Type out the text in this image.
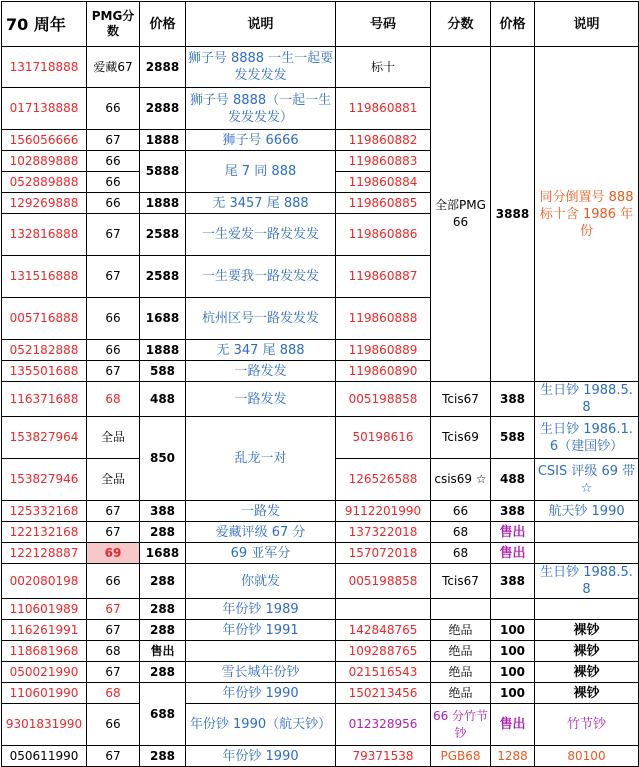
70 周年	PMG分数	价格	说明	号码	分数	价格	说明
131718888	爱藏67	2888	狮子号 8888 一生一起要发发发发	标十	全部PMG66	3888	同分倒置号 888 标十含 1986 年份
017138888	66	2888	狮子号 8888（一起一生发发发发）	119860881			
156056666	67	1888	狮子号 6666	119860882			
102889888	66	5888	尾 7 同 888	119860883			
052889888	66			119860884			
129269888	66	1888	无 3457 尾 888	119860885			
132816888	67	2588	一生爱发一路发发发	119860886			
131516888	67	2588	一生要我一路发发发	119860887			
005716888	66	1688	杭州区号一路发发发	119860888			
052182888	66	1888	无 347 尾 888	119860889			
135501688	67	588	一路发发	119860890			
116371688	68	488	一路发发	005198858	Tcis67	388	生日钞 1988.5.8
153827964	全品	850	乱龙一对	50198616	Tcis69	588	生日钞 1986.1.6（建国钞）
153827946	全品			126526588	csis69 ☆	488	CSIS 评级 69 带☆
125332168	67	388	一路发	9112201990	66	388	航天钞 1990
122132168	67	288	爱藏评级 67 分	137322018	68	售出	
122128887	69	1688	69 亚军分	157072018	68	售出	
002080198	66	288	你就发	005198858	Tcis67	388	生日钞 1988.5.8
110601989	67	288	年份钞 1989				
116261991	67	288	年份钞 1991	142848765	绝品	100	裸钞
118681968	68	售出		109288765	绝品	100	裸钞
050021990	67	288	雪长城年份钞	021516543	绝品	100	裸钞
110601990	68	688	年份钞 1990	150213456	绝品	100	裸钞
9301831990	66		年份钞 1990（航天钞）	012328956	66 分竹节钞	售出	竹节钞
050611990	67	288	年份钞 1990	79371538	PGB68	1288	80100
